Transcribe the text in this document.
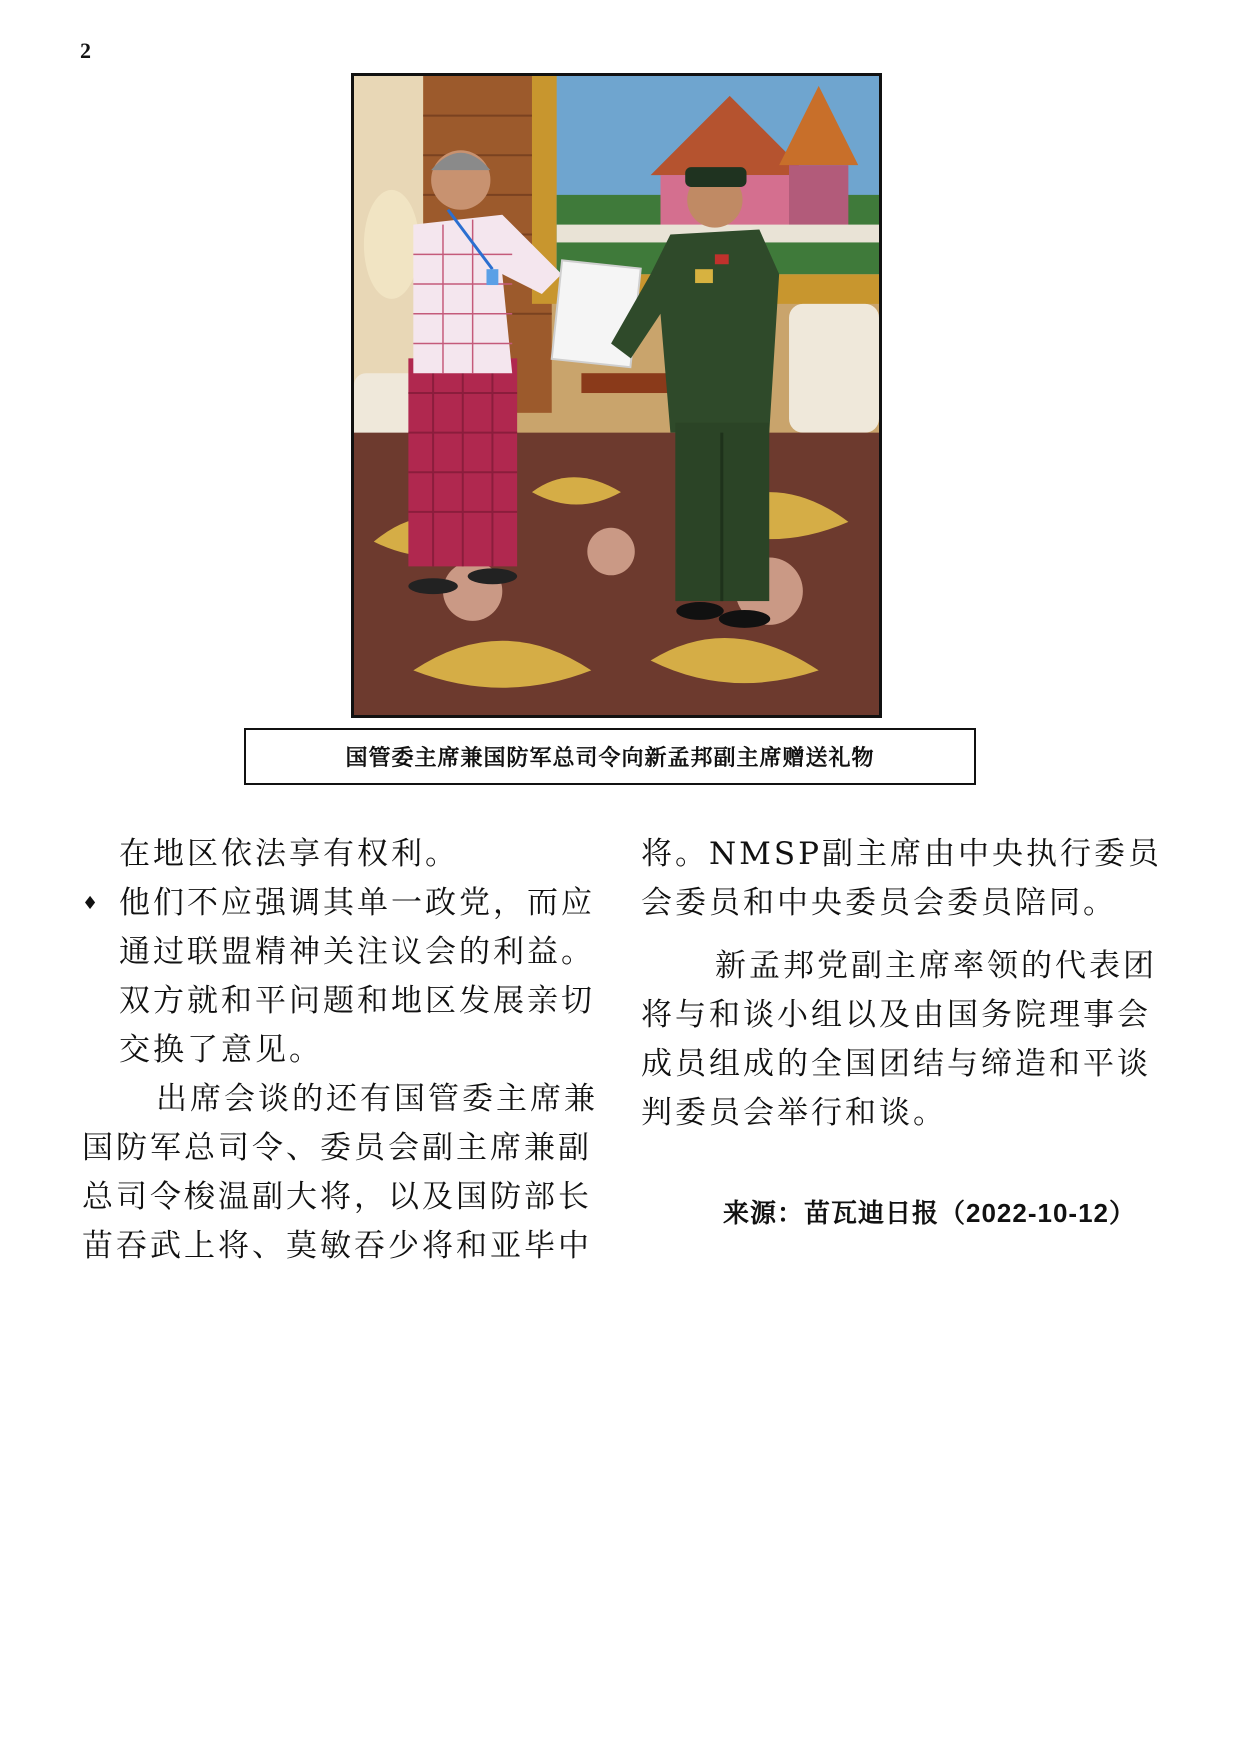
2
国管委主席兼国防军总司令向新孟邦副主席赠送礼物

在地区依法享有权利。

♦ 他们不应强调其单一政党，而应通过联盟精神关注议会的利益。双方就和平问题和地区发展亲切交换了意见。

出席会谈的还有国管委主席兼国防军总司令、委员会副主席兼副总司令梭温副大将，以及国防部长苗吞武上将、莫敏吞少将和亚毕中

将。NMSP副主席由中央执行委员会委员和中央委员会委员陪同。

新孟邦党副主席率领的代表团将与和谈小组以及由国务院理事会成员组成的全国团结与缔造和平谈判委员会举行和谈。

来源：苗瓦迪日报（2022-10-12）
